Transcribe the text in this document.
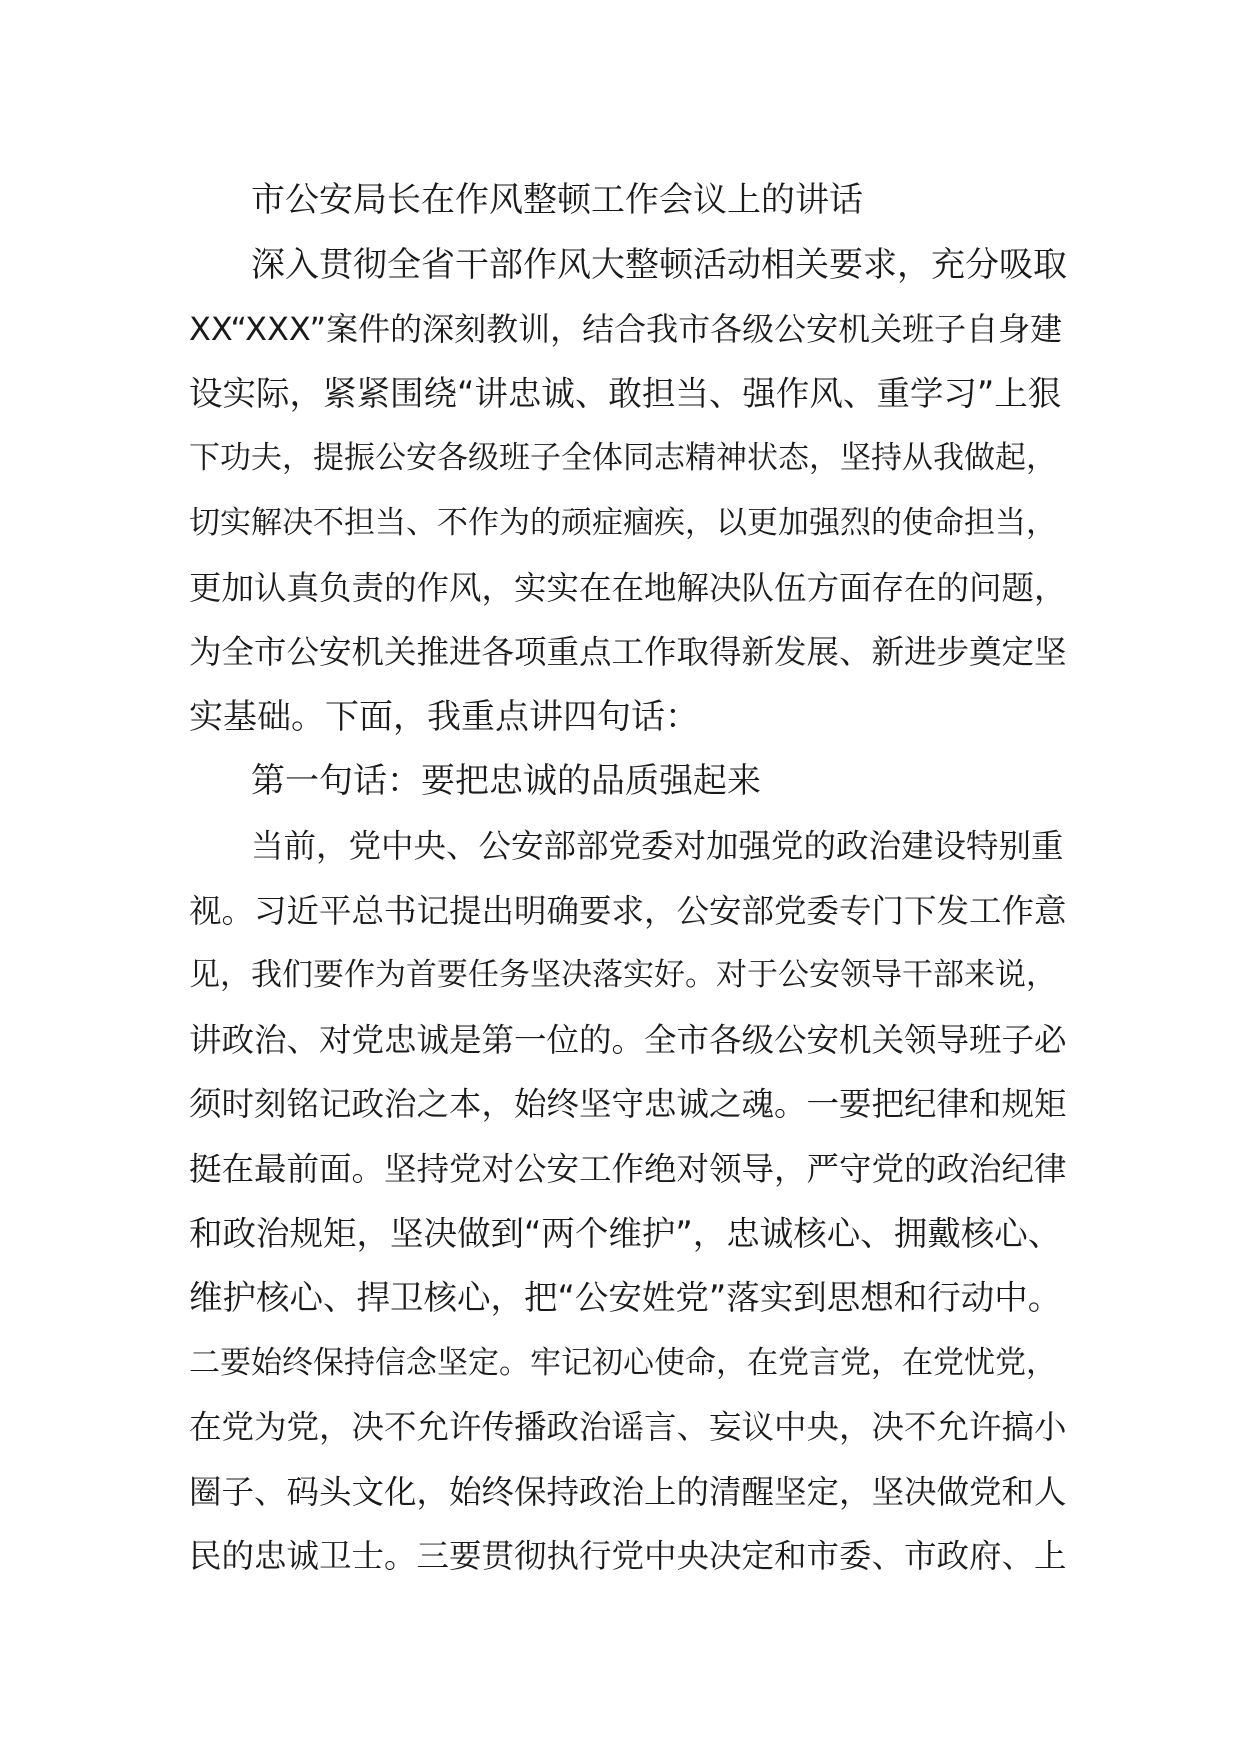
市公安局长在作风整顿工作会议上的讲话
深入贯彻全省干部作风大整顿活动相关要求，充分吸取
XX“XXX”案件的深刻教训，结合我市各级公安机关班子自身建
设实际，紧紧围绕“讲忠诚、敢担当、强作风、重学习”上狠
下功夫，提振公安各级班子全体同志精神状态，坚持从我做起，
切实解决不担当、不作为的顽症痼疾，以更加强烈的使命担当，
更加认真负责的作风，实实在在地解决队伍方面存在的问题，
为全市公安机关推进各项重点工作取得新发展、新进步奠定坚
实基础。下面，我重点讲四句话：
第一句话：要把忠诚的品质强起来
当前，党中央、公安部部党委对加强党的政治建设特别重
视。习近平总书记提出明确要求，公安部党委专门下发工作意
见，我们要作为首要任务坚决落实好。对于公安领导干部来说，
讲政治、对党忠诚是第一位的。全市各级公安机关领导班子必
须时刻铭记政治之本，始终坚守忠诚之魂。一要把纪律和规矩
挺在最前面。坚持党对公安工作绝对领导，严守党的政治纪律
和政治规矩，坚决做到“两个维护”，忠诚核心、拥戴核心、
维护核心、捍卫核心，把“公安姓党”落实到思想和行动中。
二要始终保持信念坚定。牢记初心使命，在党言党，在党忧党，
在党为党，决不允许传播政治谣言、妄议中央，决不允许搞小
圈子、码头文化，始终保持政治上的清醒坚定，坚决做党和人
民的忠诚卫士。三要贯彻执行党中央决定和市委、市政府、上
